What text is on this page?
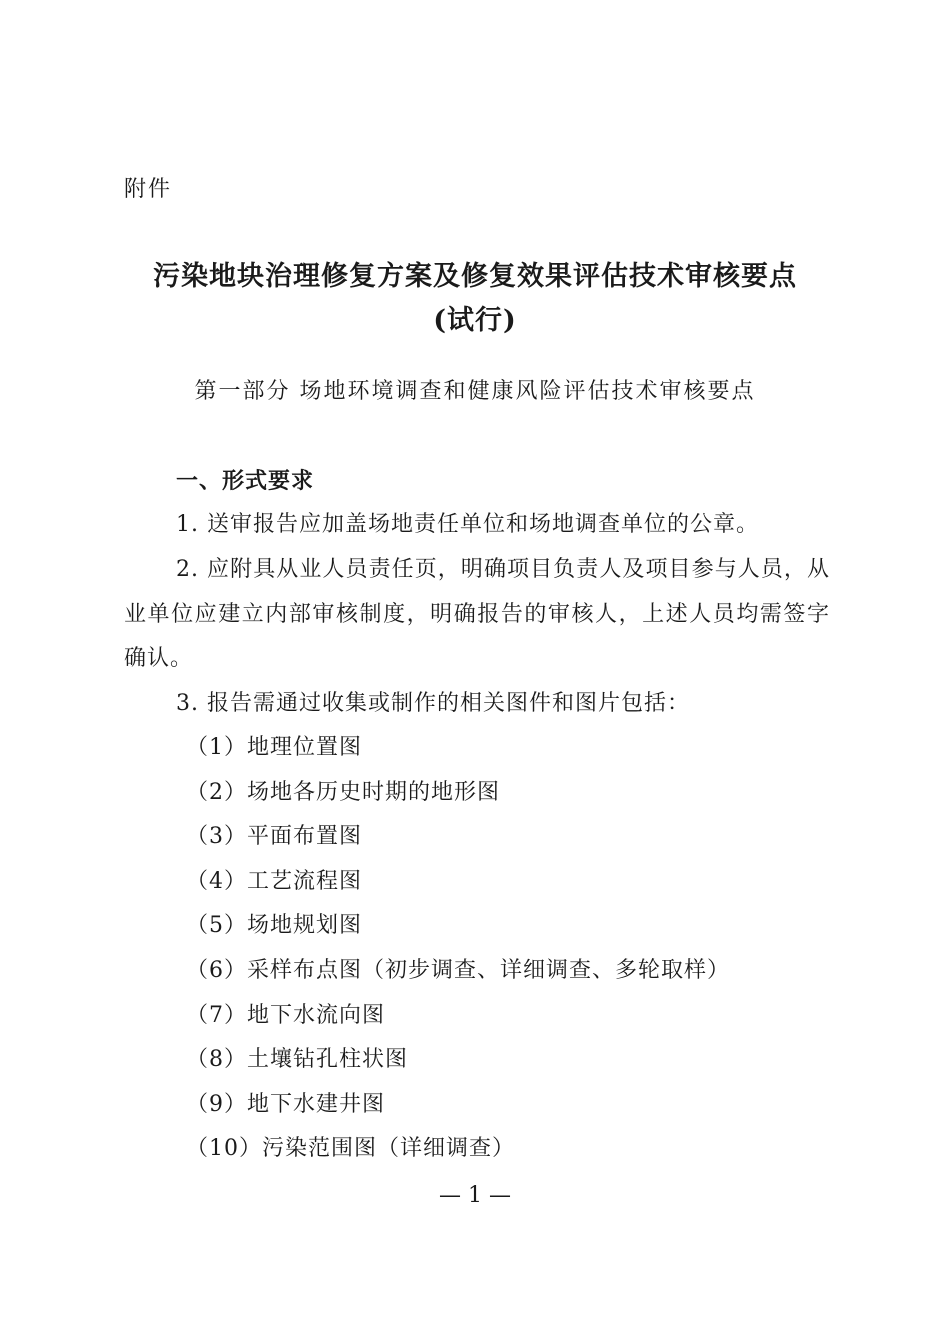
附件
污染地块治理修复方案及修复效果评估技术审核要点
(试行)
第一部分 场地环境调查和健康风险评估技术审核要点
一、形式要求
1. 送审报告应加盖场地责任单位和场地调查单位的公章。
2. 应附具从业人员责任页，明确项目负责人及项目参与人员，从业单位应建立内部审核制度，明确报告的审核人，上述人员均需签字确认。
3. 报告需通过收集或制作的相关图件和图片包括：
（1）地理位置图
（2）场地各历史时期的地形图
（3）平面布置图
（4）工艺流程图
（5）场地规划图
（6）采样布点图（初步调查、详细调查、多轮取样）
（7）地下水流向图
（8）土壤钻孔柱状图
（9）地下水建井图
（10）污染范围图（详细调查）
— 1 —
